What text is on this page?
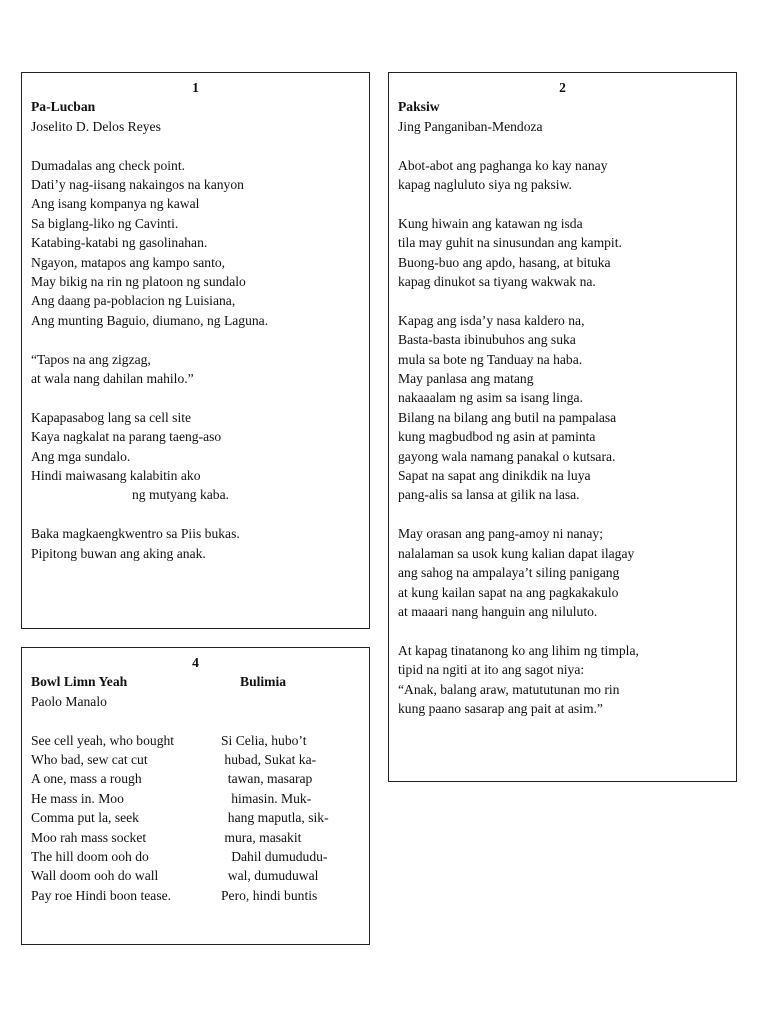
1
Pa-Lucban
Joselito D. Delos Reyes
Dumadalas ang check point.
Dati’y nag-iisang nakaingos na kanyon
Ang isang kompanya ng kawal
Sa biglang-liko ng Cavinti.
Katabing-katabi ng gasolinahan.
Ngayon, matapos ang kampo santo,
May bikig na rin ng platoon ng sundalo
Ang daang pa-poblacion ng Luisiana,
Ang munting Baguio, diumano, ng Laguna.
“Tapos na ang zigzag,
at wala nang dahilan mahilo.”
Kapapasabog lang sa cell site
Kaya nagkalat na parang taeng-aso
Ang mga sundalo.
Hindi maiwasang kalabitin ako
ng mutyang kaba.
Baka magkaengkwentro sa Piis bukas.
Pipitong buwan ang aking anak.
2
Paksiw
Jing Panganiban-Mendoza
Abot-abot ang paghanga ko kay nanay
kapag nagluluto siya ng paksiw.
Kung hiwain ang katawan ng isda
tila may guhit na sinusundan ang kampit.
Buong-buo ang apdo, hasang, at bituka
kapag dinukot sa tiyang wakwak na.
Kapag ang isda’y nasa kaldero na,
Basta-basta ibinubuhos ang suka
mula sa bote ng Tanduay na haba.
May panlasa ang matang
nakaaalam ng asim sa isang linga.
Bilang na bilang ang butil na pampalasa
kung magbudbod ng asin at paminta
gayong wala namang panakal o kutsara.
Sapat na sapat ang dinikdik na luya
pang-alis sa lansa at gilik na lasa.
May orasan ang pang-amoy ni nanay;
nalalaman sa usok kung kalian dapat ilagay
ang sahog na ampalaya’t siling panigang
at kung kailan sapat na ang pagkakakulo
at maaari nang hanguin ang niluluto.
At kapag tinatanong ko ang lihim ng timpla,
tipid na ngiti at ito ang sagot niya:
“Anak, balang araw, matututunan mo rin
kung paano sasarap ang pait at asim.”
4
Bowl Limn Yeah	Bulimia
Paolo Manalo
See cell yeah, who bought	Si Celia, hubo’t
Who bad, sew cat cut	hubad, Sukat ka-
A one, mass a rough	tawan, masarap
He mass in. Moo	himasin. Muk-
Comma put la, seek	hang maputla, sik-
Moo rah mass socket	mura, masakit
The hill doom ooh do	Dahil dumududu-
Wall doom ooh do wall	wal, dumuduwal
Pay roe Hindi boon tease.	Pero, hindi buntis
